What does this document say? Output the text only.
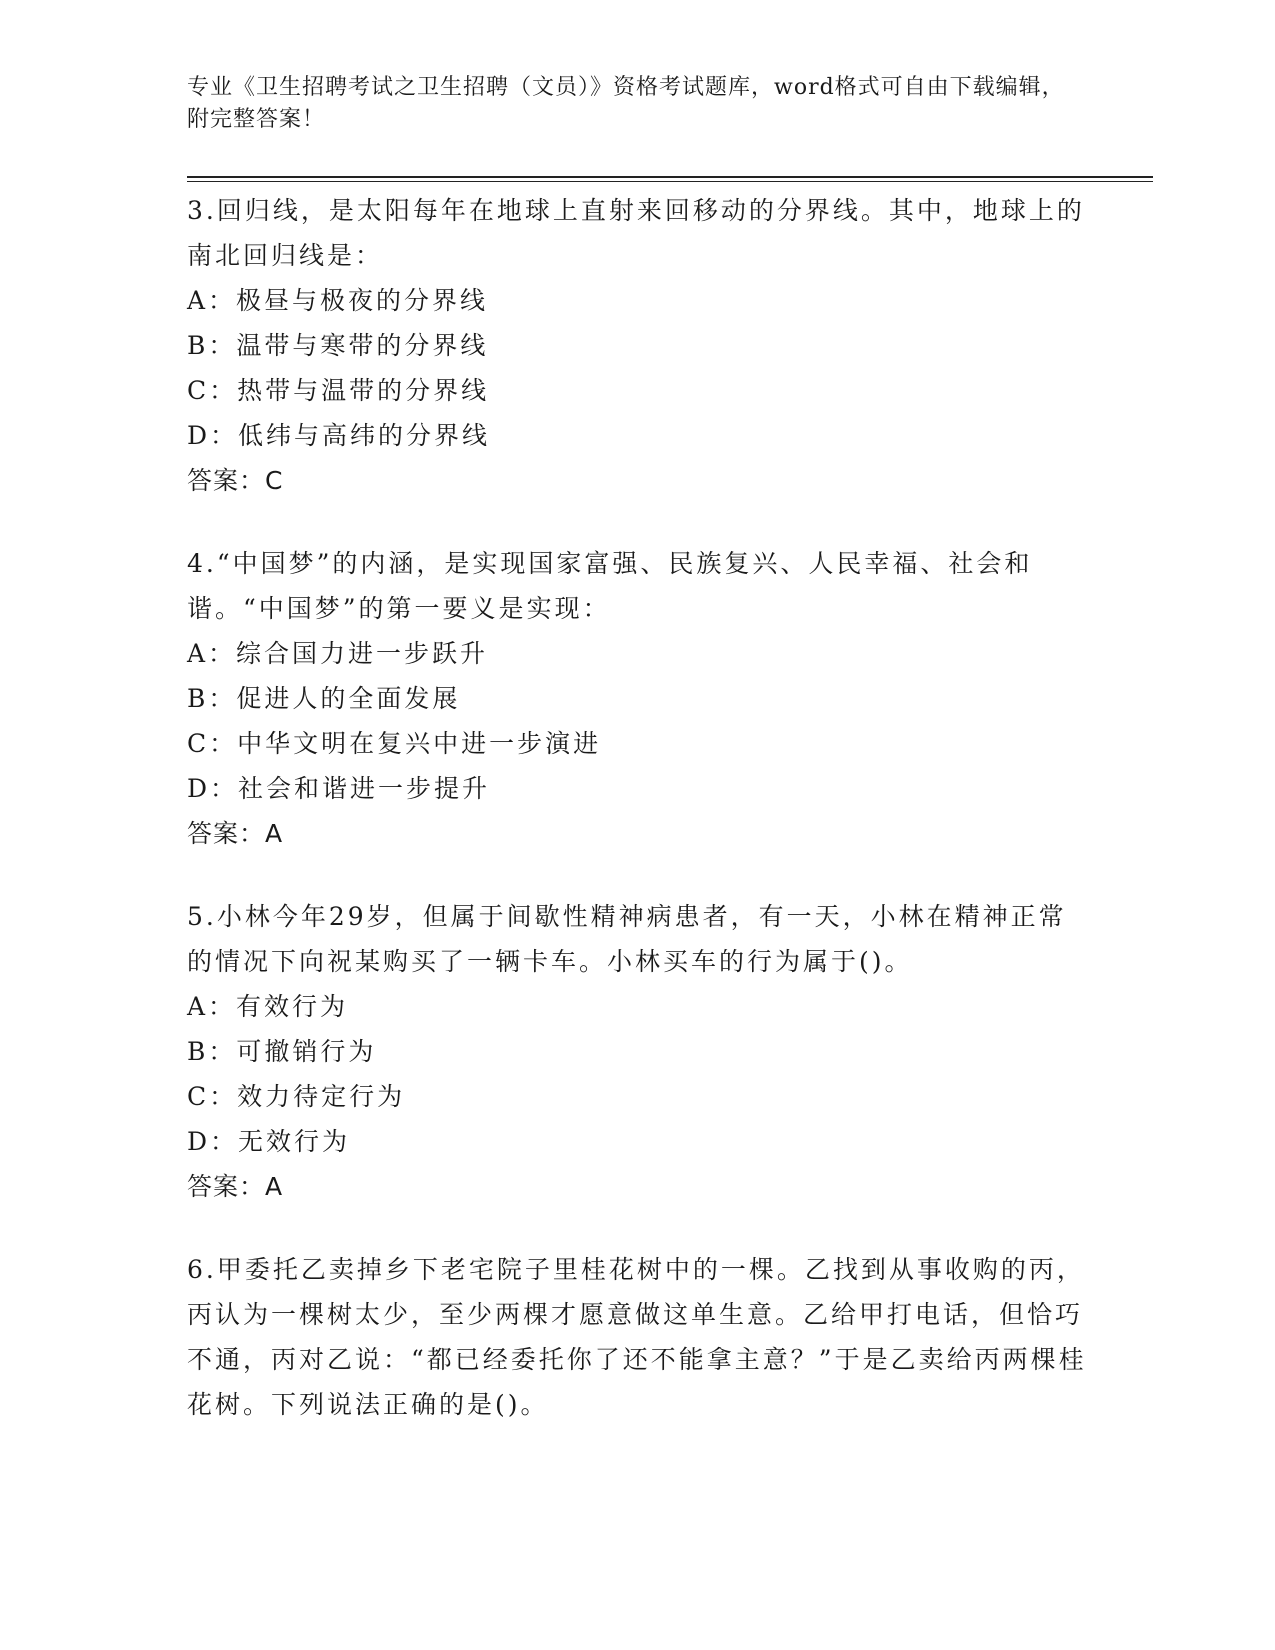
专业《卫生招聘考试之卫生招聘（文员）》资格考试题库，word格式可自由下载编辑，附完整答案！
3.回归线，是太阳每年在地球上直射来回移动的分界线。其中，地球上的南北回归线是：
A：极昼与极夜的分界线
B：温带与寒带的分界线
C：热带与温带的分界线
D：低纬与高纬的分界线
答案：C
4.“中国梦”的内涵，是实现国家富强、民族复兴、人民幸福、社会和谐。“中国梦”的第一要义是实现：
A：综合国力进一步跃升
B：促进人的全面发展
C：中华文明在复兴中进一步演进
D：社会和谐进一步提升
答案：A
5.小林今年29岁，但属于间歇性精神病患者，有一天，小林在精神正常的情况下向祝某购买了一辆卡车。小林买车的行为属于()。
A：有效行为
B：可撤销行为
C：效力待定行为
D：无效行为
答案：A
6.甲委托乙卖掉乡下老宅院子里桂花树中的一棵。乙找到从事收购的丙，丙认为一棵树太少，至少两棵才愿意做这单生意。乙给甲打电话，但恰巧不通，丙对乙说：“都已经委托你了还不能拿主意？”于是乙卖给丙两棵桂花树。下列说法正确的是()。
